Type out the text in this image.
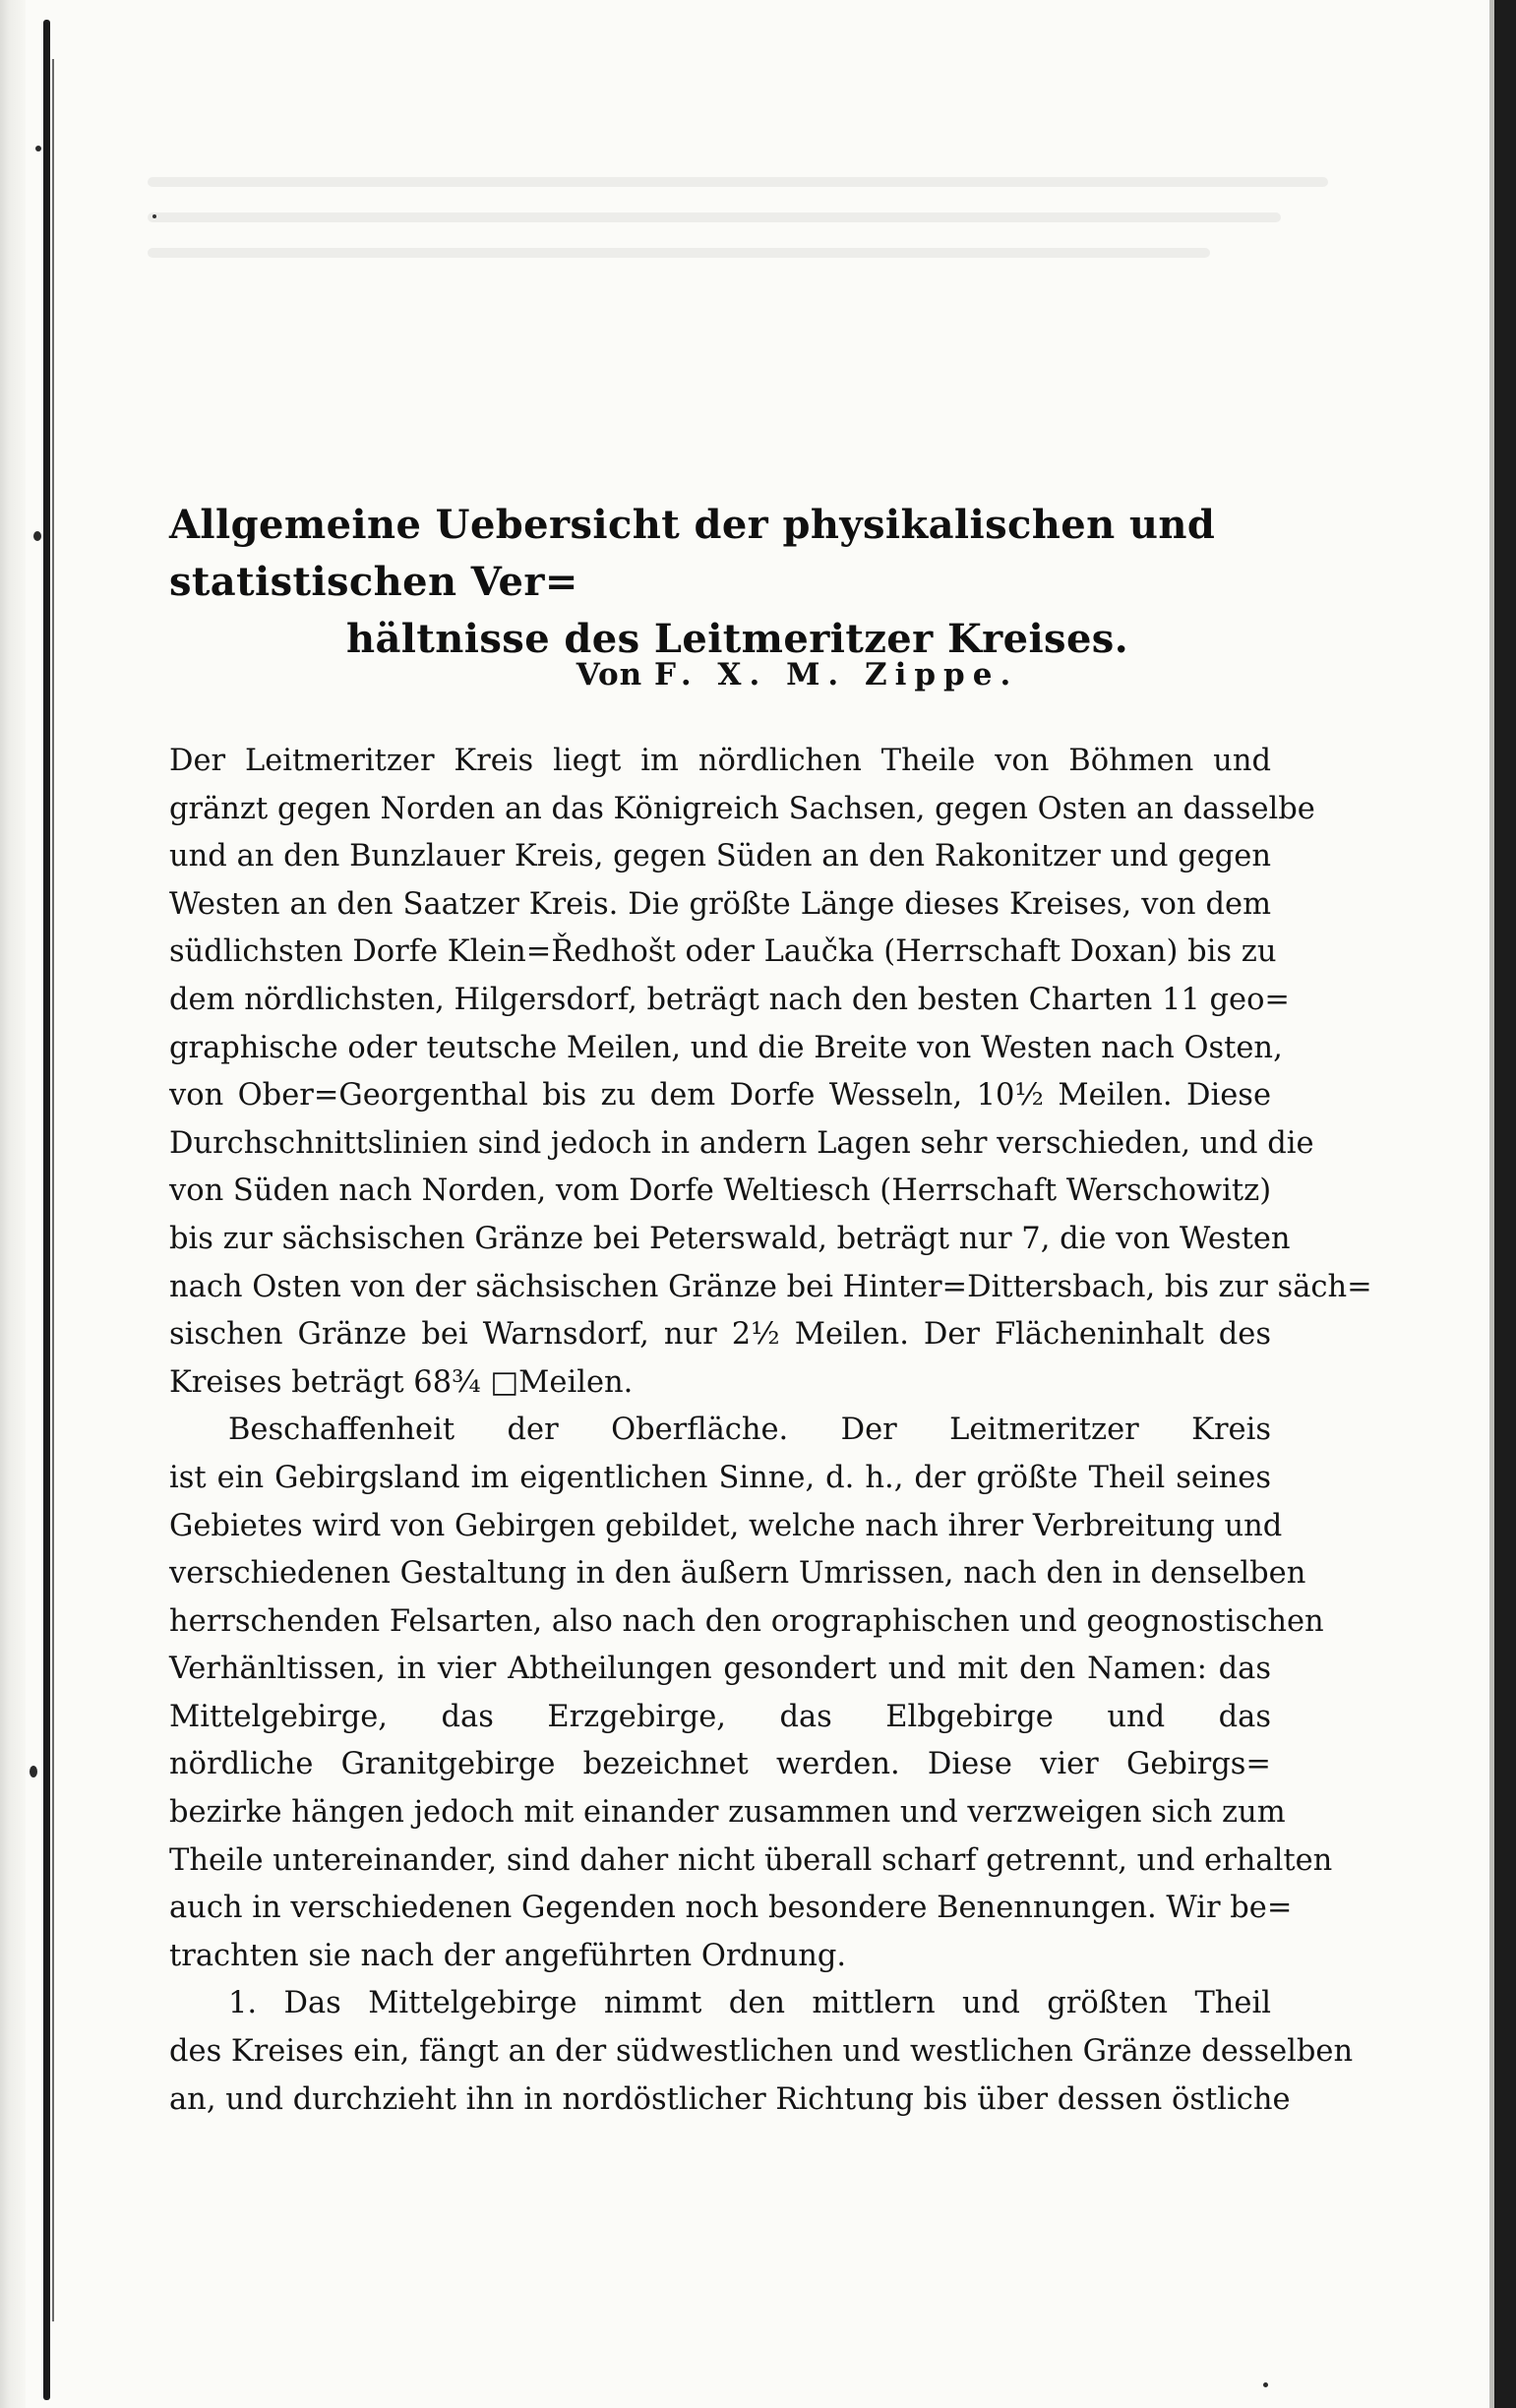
Allgemeine Uebersicht der physikalischen und statistischen Ver=
hältnisse des Leitmeritzer Kreises.
Von F. X. M. Zippe.

Der Leitmeritzer Kreis liegt im nördlichen Theile von Böhmen und
gränzt gegen Norden an das Königreich Sachsen, gegen Osten an dasselbe
und an den Bunzlauer Kreis, gegen Süden an den Rakonitzer und gegen
Westen an den Saatzer Kreis. Die größte Länge dieses Kreises, von dem
südlichsten Dorfe Klein=Ředhošt oder Laučka (Herrschaft Doxan) bis zu
dem nördlichsten, Hilgersdorf, beträgt nach den besten Charten 11 geo=
graphische oder teutsche Meilen, und die Breite von Westen nach Osten,
von Ober=Georgenthal bis zu dem Dorfe Wesseln, 10½ Meilen. Diese
Durchschnittslinien sind jedoch in andern Lagen sehr verschieden, und die
von Süden nach Norden, vom Dorfe Weltiesch (Herrschaft Werschowitz)
bis zur sächsischen Gränze bei Peterswald, beträgt nur 7, die von Westen
nach Osten von der sächsischen Gränze bei Hinter=Dittersbach, bis zur säch=
sischen Gränze bei Warnsdorf, nur 2½ Meilen. Der Flächeninhalt des
Kreises beträgt 68¾ □Meilen.

Beschaffenheit der Oberfläche. Der Leitmeritzer Kreis
ist ein Gebirgsland im eigentlichen Sinne, d. h., der größte Theil seines
Gebietes wird von Gebirgen gebildet, welche nach ihrer Verbreitung und
verschiedenen Gestaltung in den äußern Umrissen, nach den in denselben
herrschenden Felsarten, also nach den orographischen und geognostischen
Verhänltissen, in vier Abtheilungen gesondert und mit den Namen: das
Mittelgebirge, das Erzgebirge, das Elbgebirge und das
nördliche Granitgebirge bezeichnet werden. Diese vier Gebirgs=
bezirke hängen jedoch mit einander zusammen und verzweigen sich zum
Theile untereinander, sind daher nicht überall scharf getrennt, und erhalten
auch in verschiedenen Gegenden noch besondere Benennungen. Wir be=
trachten sie nach der angeführten Ordnung.

1. Das Mittelgebirge nimmt den mittlern und größten Theil
des Kreises ein, fängt an der südwestlichen und westlichen Gränze desselben
an, und durchzieht ihn in nordöstlicher Richtung bis über dessen östliche
